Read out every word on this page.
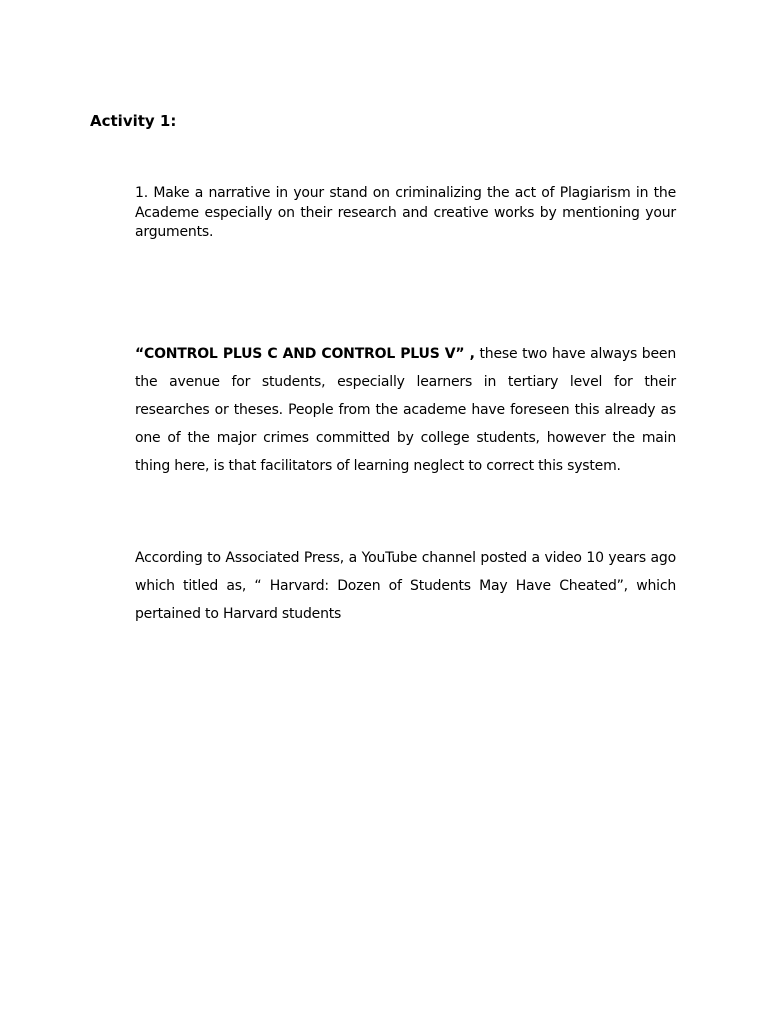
Activity 1:
1. Make a narrative in your stand on criminalizing the act of Plagiarism in the Academe especially on their research and creative works by mentioning your arguments.
“CONTROL PLUS C AND CONTROL PLUS V” , these two have always been the avenue for students, especially learners in tertiary level for their researches or theses. People from the academe have foreseen this already as one of the major crimes committed by college students, however the main thing here, is that facilitators of learning neglect to correct this system.
According to Associated Press, a YouTube channel posted a video 10 years ago which titled as, “ Harvard: Dozen of Students May Have Cheated”, which pertained to Harvard students
